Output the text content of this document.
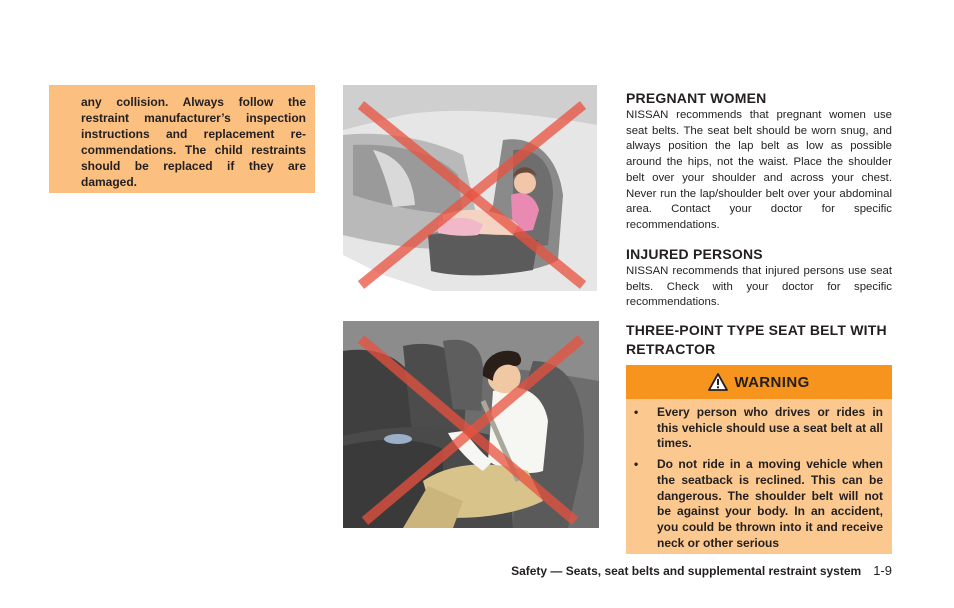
any collision. Always follow the restraint manufacturer’s inspection instructions and replacement re-commendations. The child restraints should be replaced if they are damaged.

PREGNANT WOMEN

NISSAN recommends that pregnant women use seat belts. The seat belt should be worn snug, and always position the lap belt as low as possible around the hips, not the waist. Place the shoulder belt over your shoulder and across your chest. Never run the lap/shoulder belt over your abdominal area. Contact your doctor for specific recommendations.

INJURED PERSONS

NISSAN recommends that injured persons use seat belts. Check with your doctor for specific recommendations.

THREE-POINT TYPE SEAT BELT WITH RETRACTOR
WARNING
• Every person who drives or rides in this vehicle should use a seat belt at all times.
• Do not ride in a moving vehicle when the seatback is reclined. This can be dangerous. The shoulder belt will not be against your body. In an accident, you could be thrown into it and receive neck or other serious
Safety — Seats, seat belts and supplemental restraint system 1-9
